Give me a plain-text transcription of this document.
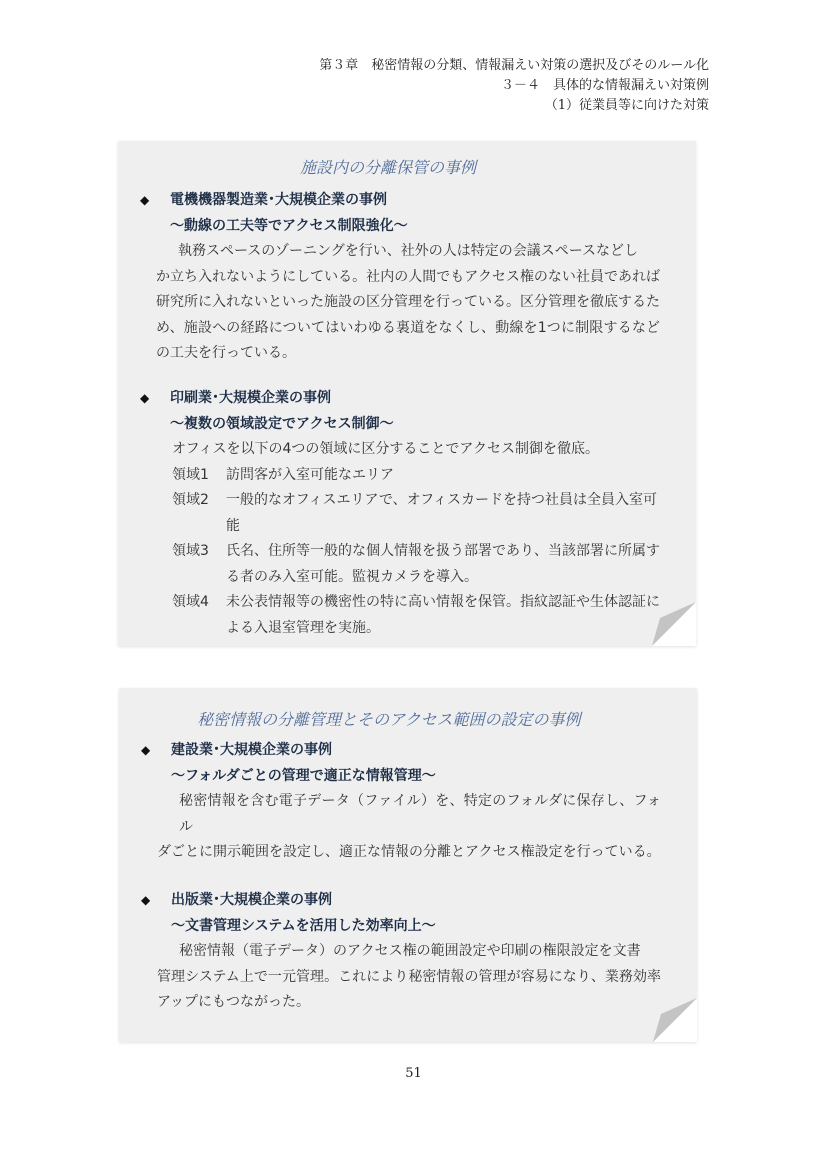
第３章　秘密情報の分類、情報漏えい対策の選択及びそのルール化
３－４　具体的な情報漏えい対策例
（1）従業員等に向けた対策
施設内の分離保管の事例
◆ 電機機器製造業･大規模企業の事例
～動線の工夫等でアクセス制限強化～
執務スペースのゾーニングを行い、社外の人は特定の会議スペースなどし
か立ち入れないようにしている。社内の人間でもアクセス権のない社員であれば研究所に入れないといった施設の区分管理を行っている。区分管理を徹底するため、施設への経路についてはいわゆる裏道をなくし、動線を1つに制限するなどの工夫を行っている。
◆ 印刷業･大規模企業の事例
～複数の領域設定でアクセス制御～
オフィスを以下の4つの領域に区分することでアクセス制御を徹底。
領域1	訪問客が入室可能なエリア
領域2	一般的なオフィスエリアで、オフィスカードを持つ社員は全員入室可能
領域3	氏名、住所等一般的な個人情報を扱う部署であり、当該部署に所属する者のみ入室可能。監視カメラを導入。
領域4	未公表情報等の機密性の特に高い情報を保管。指紋認証や生体認証による入退室管理を実施。
秘密情報の分離管理とそのアクセス範囲の設定の事例
◆ 建設業･大規模企業の事例
～フォルダごとの管理で適正な情報管理～
秘密情報を含む電子データ（ファイル）を、特定のフォルダに保存し、フォル
ダごとに開示範囲を設定し、適正な情報の分離とアクセス権設定を行っている。
◆ 出版業･大規模企業の事例
～文書管理システムを活用した効率向上～
秘密情報（電子データ）のアクセス権の範囲設定や印刷の権限設定を文書
管理システム上で一元管理。これにより秘密情報の管理が容易になり、業務効率アップにもつながった。
51
